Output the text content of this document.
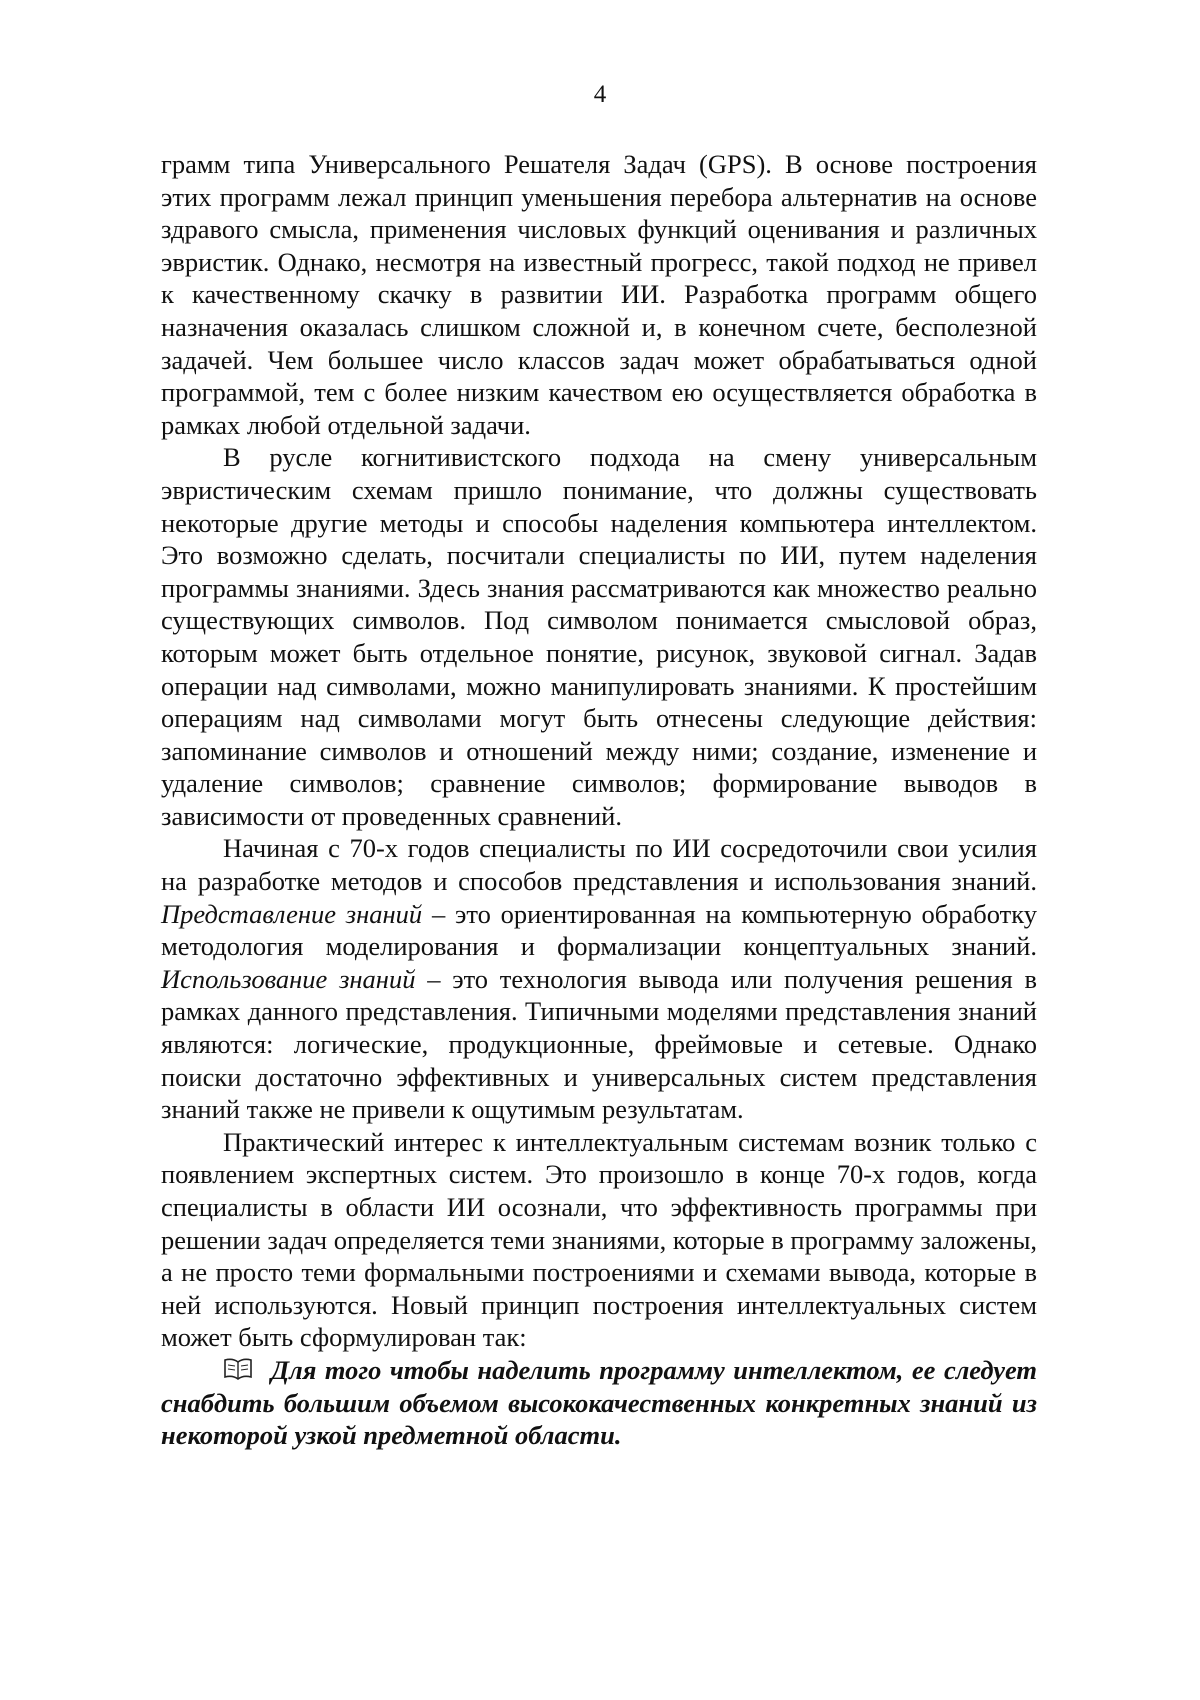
4

грамм типа Универсального Решателя Задач (GPS). В основе построения этих программ лежал принцип уменьшения перебора альтернатив на основе здравого смысла, применения числовых функций оценивания и различных эвристик. Однако, несмотря на известный прогресс, такой подход не привел к качественному скачку в развитии ИИ. Разработка программ общего назначения оказалась слишком сложной и, в конечном счете, бесполезной задачей. Чем большее число классов задач может обрабатываться одной программой, тем с более низким качеством ею осуществляется обработка в рамках любой отдельной задачи.

В русле когнитивистского подхода на смену универсальным эвристическим схемам пришло понимание, что должны существовать некоторые другие методы и способы наделения компьютера интеллектом. Это возможно сделать, посчитали специалисты по ИИ, путем наделения программы знаниями. Здесь знания рассматриваются как множество реально существующих символов. Под символом понимается смысловой образ, которым может быть отдельное понятие, рисунок, звуковой сигнал. Задав операции над символами, можно манипулировать знаниями. К простейшим операциям над символами могут быть отнесены следующие действия: запоминание символов и отношений между ними; создание, изменение и удаление символов; сравнение символов; формирование выводов в зависимости от проведенных сравнений.

Начиная с 70-х годов специалисты по ИИ сосредоточили свои усилия на разработке методов и способов представления и использования знаний. Представление знаний – это ориентированная на компьютерную обработку методология моделирования и формализации концептуальных знаний. Использование знаний – это технология вывода или получения решения в рамках данного представления. Типичными моделями представления знаний являются: логические, продукционные, фреймовые и сетевые. Однако поиски достаточно эффективных и универсальных систем представления знаний также не привели к ощутимым результатам.

Практический интерес к интеллектуальным системам возник только с появлением экспертных систем. Это произошло в конце 70-х годов, когда специалисты в области ИИ осознали, что эффективность программы при решении задач определяется теми знаниями, которые в программу заложены, а не просто теми формальными построениями и схемами вывода, которые в ней используются. Новый принцип построения интеллектуальных систем может быть сформулирован так:

Для того чтобы наделить программу интеллектом, ее следует снабдить большим объемом высококачественных конкретных знаний из некоторой узкой предметной области.
